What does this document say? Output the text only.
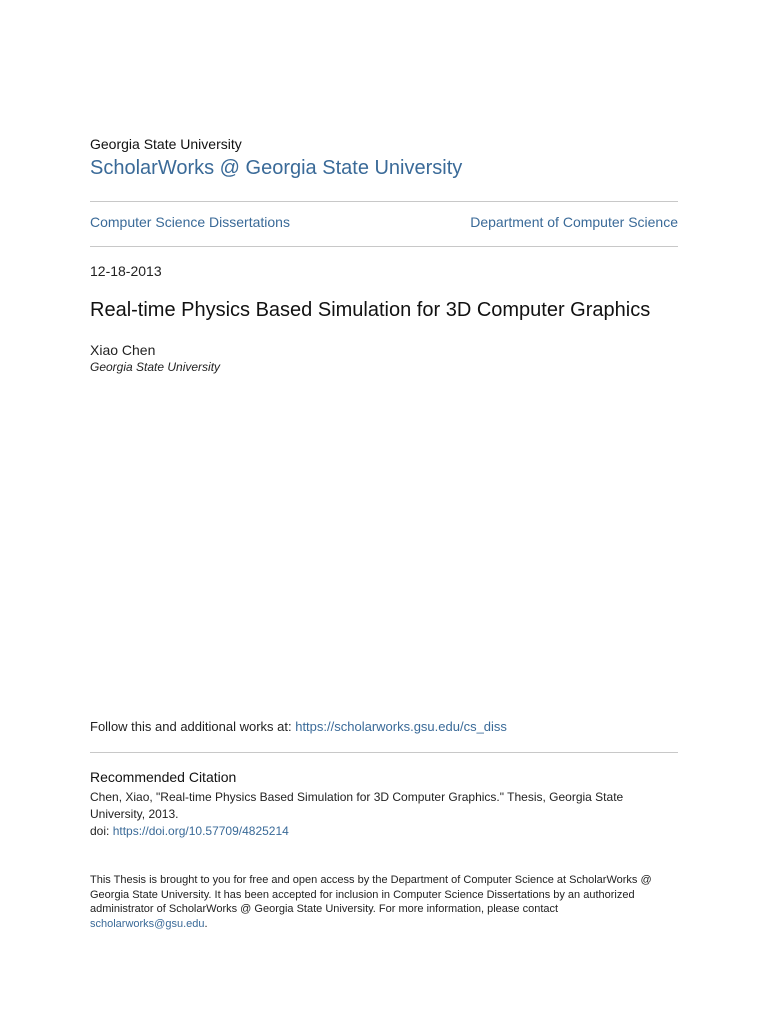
Georgia State University
ScholarWorks @ Georgia State University
Computer Science Dissertations	Department of Computer Science
12-18-2013
Real-time Physics Based Simulation for 3D Computer Graphics
Xiao Chen
Georgia State University
Follow this and additional works at: https://scholarworks.gsu.edu/cs_diss
Recommended Citation
Chen, Xiao, "Real-time Physics Based Simulation for 3D Computer Graphics." Thesis, Georgia State University, 2013.
doi: https://doi.org/10.57709/4825214
This Thesis is brought to you for free and open access by the Department of Computer Science at ScholarWorks @ Georgia State University. It has been accepted for inclusion in Computer Science Dissertations by an authorized administrator of ScholarWorks @ Georgia State University. For more information, please contact scholarworks@gsu.edu.
